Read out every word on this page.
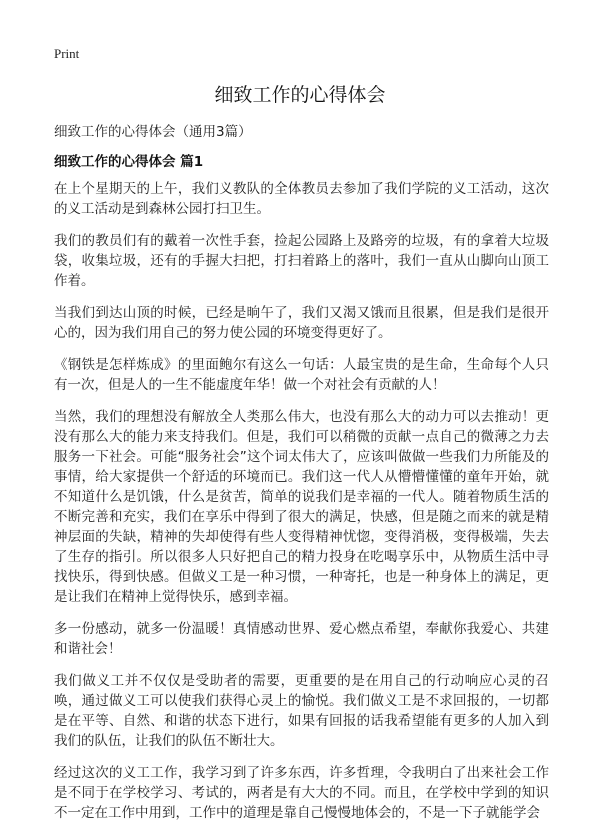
Print
细致工作的心得体会
细致工作的心得体会（通用3篇）
细致工作的心得体会 篇1

在上个星期天的上午，我们义教队的全体教员去参加了我们学院的义工活动，这次的义工活动是到森林公园打扫卫生。

我们的教员们有的戴着一次性手套，捡起公园路上及路旁的垃圾，有的拿着大垃圾袋，收集垃圾，还有的手握大扫把，打扫着路上的落叶，我们一直从山脚向山顶工作着。

当我们到达山顶的时候，已经是晌午了，我们又渴又饿而且很累，但是我们是很开心的，因为我们用自己的努力使公园的环境变得更好了。

《钢铁是怎样炼成》的里面鲍尔有这么一句话：人最宝贵的是生命，生命每个人只有一次，但是人的一生不能虚度年华！做一个对社会有贡献的人！

当然，我们的理想没有解放全人类那么伟大，也没有那么大的动力可以去推动！更没有那么大的能力来支持我们。但是，我们可以稍微的贡献一点自己的微薄之力去服务一下社会。可能“服务社会”这个词太伟大了，应该叫做做一些我们力所能及的事情，给大家提供一个舒适的环境而已。我们这一代人从懵懵懂懂的童年开始，就不知道什么是饥饿，什么是贫苦，简单的说我们是幸福的一代人。随着物质生活的不断完善和充实，我们在享乐中得到了很大的满足，快感，但是随之而来的就是精神层面的失缺，精神的失却使得有些人变得精神忧惚，变得消极，变得极端，失去了生存的指引。所以很多人只好把自己的精力投身在吃喝享乐中，从物质生活中寻找快乐，得到快感。但做义工是一种习惯，一种寄托，也是一种身体上的满足，更是让我们在精神上觉得快乐，感到幸福。

多一份感动，就多一份温暖！真情感动世界、爱心燃点希望，奉献你我爱心、共建和谐社会！

我们做义工并不仅仅是受助者的需要，更重要的是在用自己的行动响应心灵的召唤，通过做义工可以使我们获得心灵上的愉悦。我们做义工是不求回报的，一切都是在平等、自然、和谐的状态下进行，如果有回报的话我希望能有更多的人加入到我们的队伍，让我们的队伍不断壮大。

经过这次的义工工作，我学习到了许多东西，许多哲理，令我明白了出来社会工作是不同于在学校学习、考试的，两者是有大大的不同。而且，在学校中学到的知识不一定在工作中用到，工作中的道理是靠自己慢慢地体会的，不是一下子就能学会
